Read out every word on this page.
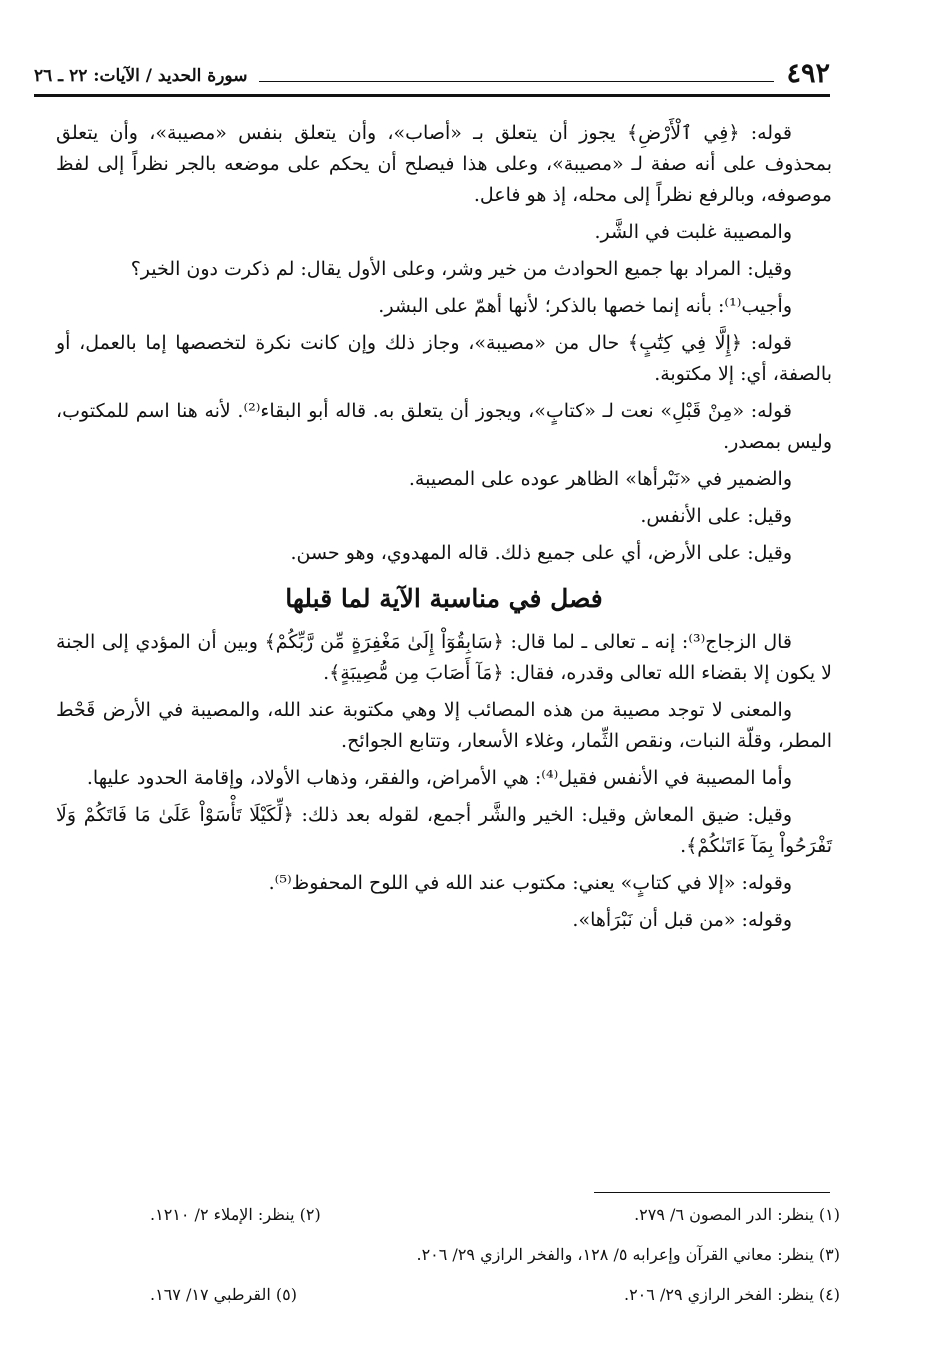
٤٩٢
سورة الحديد / الآيات: ٢٢ ـ ٢٦

قوله: ﴿فِي ٱلْأَرْضِ﴾ يجوز أن يتعلق بـ «أصاب»، وأن يتعلق بنفس «مصيبة»، وأن يتعلق بمحذوف على أنه صفة لـ «مصيبة»، وعلى هذا فيصلح أن يحكم على موضعه بالجر نظراً إلى لفظ موصوفه، وبالرفع نظراً إلى محله، إذ هو فاعل.

والمصيبة غلبت في الشَّر.

وقيل: المراد بها جميع الحوادث من خير وشر، وعلى الأول يقال: لم ذكرت دون الخير؟

وأجيب⁽¹⁾: بأنه إنما خصها بالذكر؛ لأنها أهمّ على البشر.

قوله: ﴿إِلَّا فِي كِتَٰبٍ﴾ حال من «مصيبة»، وجاز ذلك وإن كانت نكرة لتخصصها إما بالعمل، أو بالصفة، أي: إلا مكتوبة.

قوله: «مِنْ قَبْلِ» نعت لـ «كتابٍ»، ويجوز أن يتعلق به. قاله أبو البقاء⁽²⁾. لأنه هنا اسم للمكتوب، وليس بمصدر.

والضمير في «نَبْرأها» الظاهر عوده على المصيبة.

وقيل: على الأنفس.

وقيل: على الأرض، أي على جميع ذلك. قاله المهدوي، وهو حسن.

فصل في مناسبة الآية لما قبلها

قال الزجاج⁽³⁾: إنه ـ تعالى ـ لما قال: ﴿سَابِقُوٓاْ إِلَىٰ مَغْفِرَةٍ مِّن رَّبِّكُمْ﴾ وبين أن المؤدي إلى الجنة لا يكون إلا بقضاء الله تعالى وقدره، فقال: ﴿مَآ أَصَابَ مِن مُّصِيبَةٍ﴾.

والمعنى لا توجد مصيبة من هذه المصائب إلا وهي مكتوبة عند الله، والمصيبة في الأرض قَحْط المطر، وقلّة النبات، ونقص الثِّمار، وغلاء الأسعار، وتتابع الجوائح.

وأما المصيبة في الأنفس فقيل⁽⁴⁾: هي الأمراض، والفقر، وذهاب الأولاد، وإقامة الحدود عليها.

وقيل: ضيق المعاش وقيل: الخير والشَّر أجمع، لقوله بعد ذلك: ﴿لِّكَيْلَا تَأْسَوْاْ عَلَىٰ مَا فَاتَكُمْ وَلَا تَفْرَحُواْ بِمَآ ءَاتَىٰكُمْ﴾.

وقوله: «إلا في كتابٍ» يعني: مكتوب عند الله في اللوح المحفوظ⁽⁵⁾.

وقوله: «من قبل أن نَبْرَأها».

(١) ينظر: الدر المصون ٦/ ٢٧٩.
(٢) ينظر: الإملاء ٢/ ١٢١٠.
(٣) ينظر: معاني القرآن وإعرابه ٥/ ١٢٨، والفخر الرازي ٢٩/ ٢٠٦.
(٤) ينظر: الفخر الرازي ٢٩/ ٢٠٦.
(٥) القرطبي ١٧/ ١٦٧.
